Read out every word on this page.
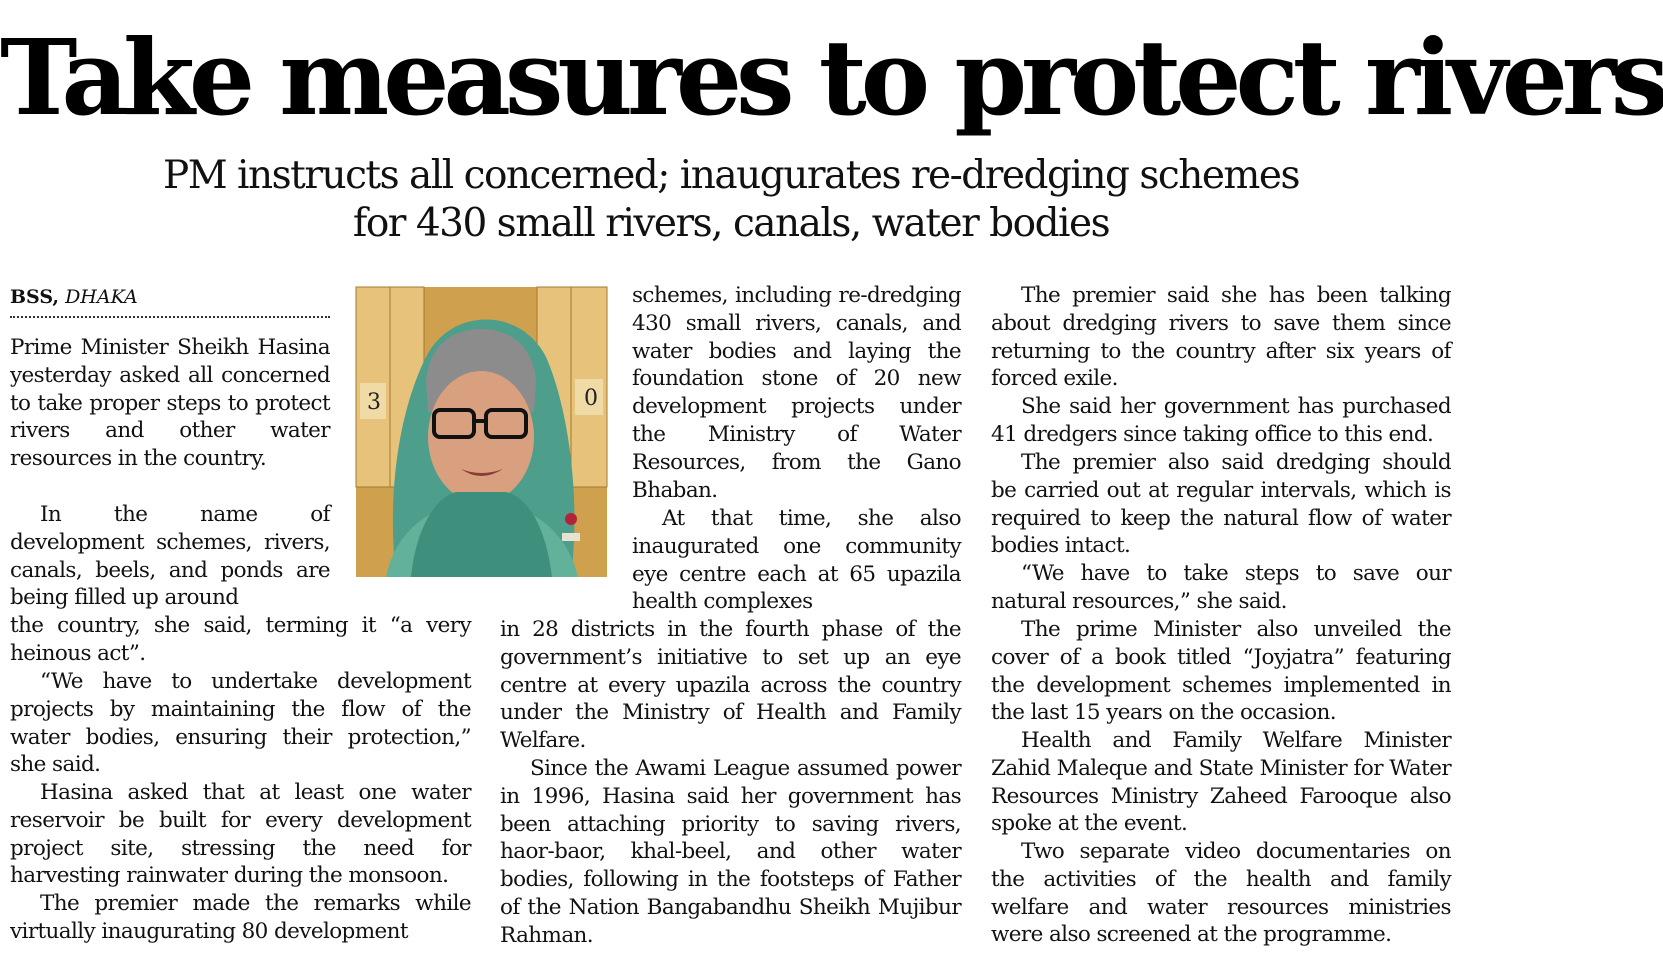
Take measures to protect rivers
PM instructs all concerned; inaugurates re-dredging schemes
for 430 small rivers, canals, water bodies
BSS, DHAKA
3	0

Prime Minister Sheikh Hasina yesterday asked all concerned to take proper steps to protect rivers and other water resources in the country.

In the name of development schemes, rivers, canals, beels, and ponds are being filled up around

the country, she said, terming it “a very heinous act”.

“We have to undertake development projects by maintaining the flow of the water bodies, ensuring their protection,” she said.

Hasina asked that at least one water reservoir be built for every development project site, stressing the need for harvesting rainwater during the monsoon.

The premier made the remarks while virtually inaugurating 80 development

schemes, including re-dredging 430 small rivers, canals, and water bodies and laying the foundation stone of 20 new development projects under the Ministry of Water Resources, from the Gano Bhaban.

At that time, she also inaugurated one community eye centre each at 65 upazila health complexes

in 28 districts in the fourth phase of the government’s initiative to set up an eye centre at every upazila across the country under the Ministry of Health and Family Welfare.

Since the Awami League assumed power in 1996, Hasina said her government has been attaching priority to saving rivers, haor-baor, khal-beel, and other water bodies, following in the footsteps of Father of the Nation Bangabandhu Sheikh Mujibur Rahman.

The premier said she has been talking about dredging rivers to save them since returning to the country after six years of forced exile.

She said her government has purchased 41 dredgers since taking office to this end.

The premier also said dredging should be carried out at regular intervals, which is required to keep the natural flow of water bodies intact.

“We have to take steps to save our natural resources,” she said.

The prime Minister also unveiled the cover of a book titled “Joyjatra” featuring the development schemes implemented in the last 15 years on the occasion.

Health and Family Welfare Minister Zahid Maleque and State Minister for Water Resources Ministry Zaheed Farooque also spoke at the event.

Two separate video documentaries on the activities of the health and family welfare and water resources ministries were also screened at the programme.
